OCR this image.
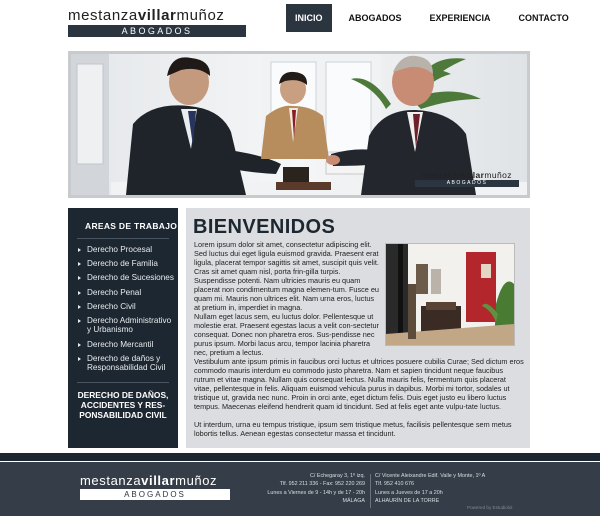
mestanzavillarmuñoz
ABOGADOS
INICIO	ABOGADOS	EXPERIENCIA	CONTACTO
mestanzavillarmuñoz
ABOGADOS
AREAS DE TRABAJO
Derecho Procesal
Derecho de Familia
Derecho de Sucesiones
Derecho Penal
Derecho Civil
Derecho Administrativo y Urbanismo
Derecho Mercantil
Derecho de daños y Responsabilidad Civil
DERECHO DE DAÑOS, ACCIDENTES Y RES-PONSABILIDAD CIVIL
BIENVENIDOS
Lorem ipsum dolor sit amet, consectetur adipiscing elit. Sed luctus dui eget ligula euismod gravida. Praesent erat ligula, placerat tempor sagittis sit amet, suscipit quis velit. Cras sit amet quam nisl, porta frin-gilla turpis. Suspendisse potenti. Nam ultricies mauris eu quam placerat non condimentum magna elemen-tum. Fusce eu quam mi. Mauris non ultrices elit. Nam urna eros, luctus at pretium in, imperdiet in magna.
Nullam eget lacus sem, eu luctus dolor. Pellentesque ut molestie erat. Praesent egestas lacus a velit con-sectetur consequat. Donec non pharetra eros. Sus-pendisse nec purus ipsum. Morbi lacus arcu, tempor lacinia pharetra nec, pretium a lectus.
Vestibulum ante ipsum primis in faucibus orci luctus et ultrices posuere cubilia Curae; Sed dictum eros commodo mauris interdum eu commodo justo pharetra. Nam et sapien tincidunt neque faucibus rutrum et vitae magna. Nullam quis consequat lectus. Nulla mauris felis, fermentum quis placerat vitae, pellentesque in felis. Aliquam euismod vehicula purus in dapibus. Morbi mi tortor, sodales ut tristique ut, gravida nec nunc. Proin in orci ante, eget dictum felis. Duis eget justo eu libero luctus tempus. Maecenas eleifend hendrerit quam id tincidunt. Sed at felis eget ante vulpu-tate luctus.
Ut interdum, urna eu tempus tristique, ipsum sem tristique metus, facilisis pellentesque sem metus lobortis tellus. Aenean egestas consectetur massa et tincidunt.
mestanzavillarmuñoz
ABOGADOS
C/ Echegaray 3, 1º izq.
Tlf. 952 211 336 - Fax: 952 220 269
Lunes a Viernes de 9 - 14h y de 17 - 20h
MÁLAGA
C/ Vicente Aleixandre Edif. Valle y Monte, 1º A
Tlf. 952 410 676
Lunes a Jueves de 17 a 20h
ALHAURÍN DE LA TORRE
Powered by Estudiolol
